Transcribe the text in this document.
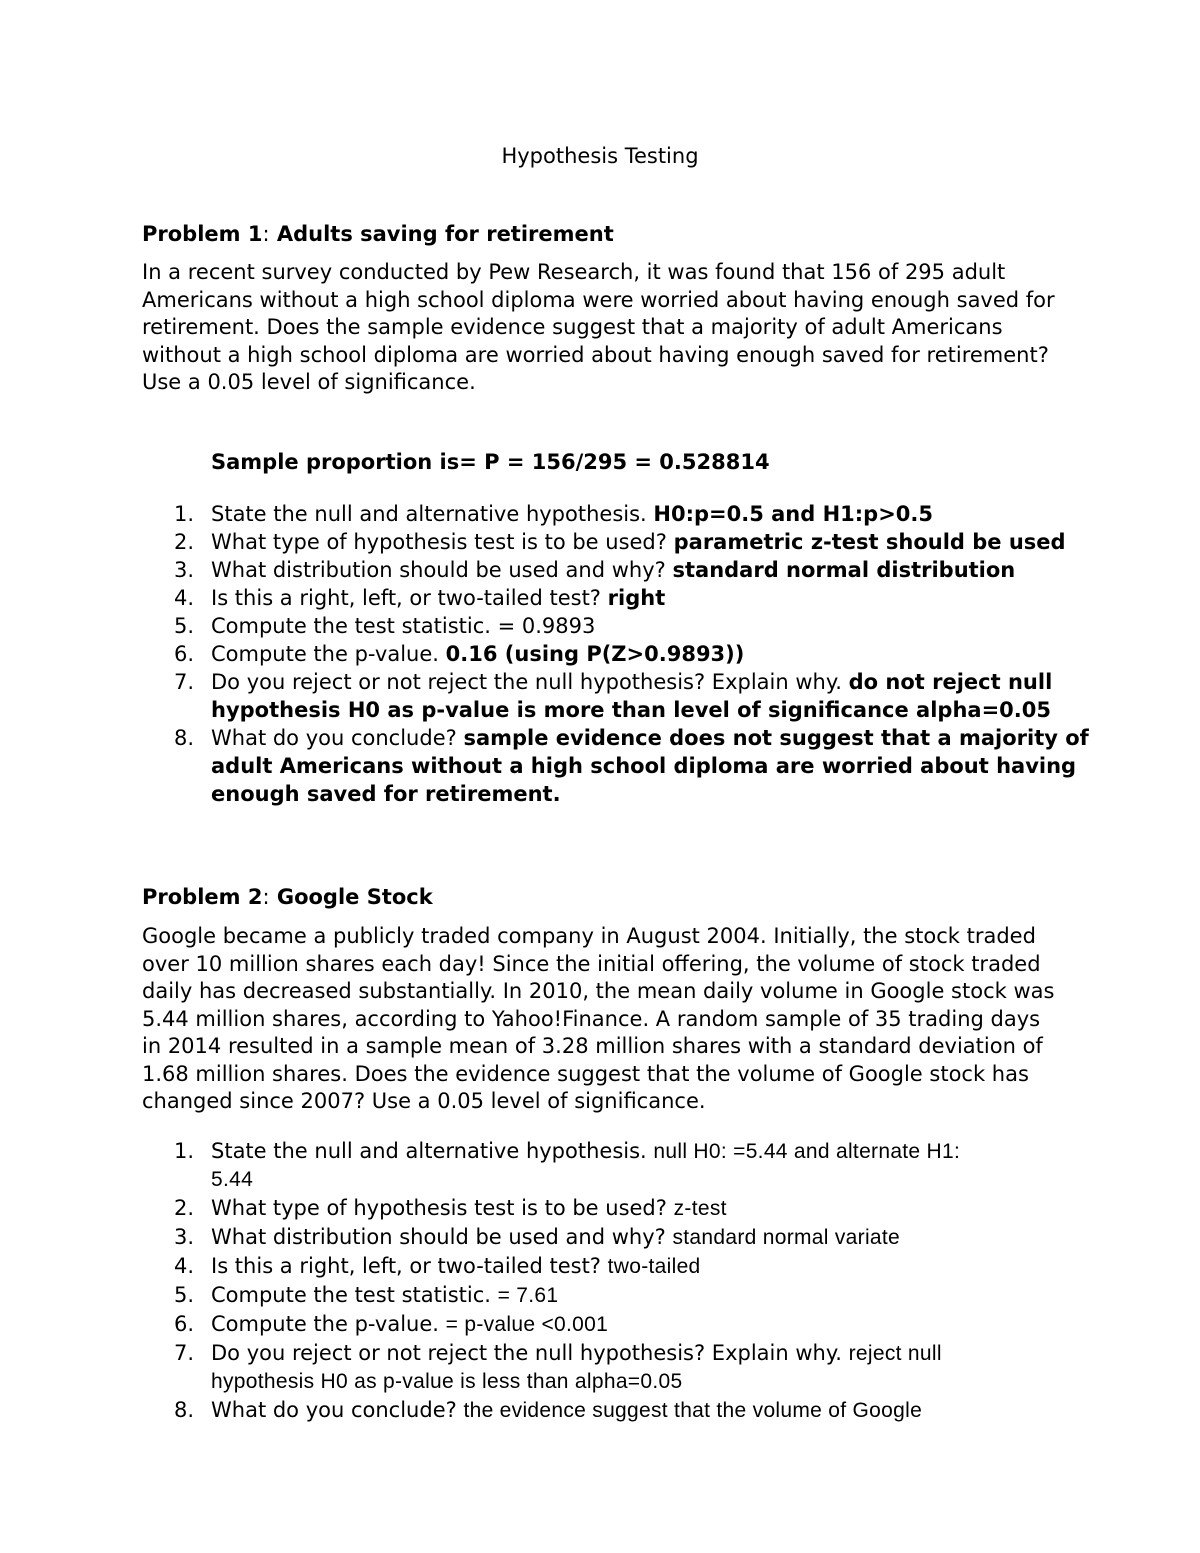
Hypothesis Testing
Problem 1: Adults saving for retirement
In a recent survey conducted by Pew Research, it was found that 156 of 295 adult
Americans without a high school diploma were worried about having enough saved for
retirement. Does the sample evidence suggest that a majority of adult Americans
without a high school diploma are worried about having enough saved for retirement?
Use a 0.05 level of significance.
Sample proportion is= P = 156/295 = 0.528814
1. State the null and alternative hypothesis. H0:p=0.5 and H1:p>0.5
2. What type of hypothesis test is to be used? parametric z-test should be used
3. What distribution should be used and why? standard normal distribution
4. Is this a right, left, or two-tailed test? right
5. Compute the test statistic. = 0.9893
6. Compute the p-value. 0.16 (using P(Z>0.9893))
7. Do you reject or not reject the null hypothesis? Explain why. do not reject null
hypothesis H0 as p-value is more than level of significance alpha=0.05
8. What do you conclude? sample evidence does not suggest that a majority of
adult Americans without a high school diploma are worried about having
enough saved for retirement.
Problem 2: Google Stock
Google became a publicly traded company in August 2004. Initially, the stock traded
over 10 million shares each day! Since the initial offering, the volume of stock traded
daily has decreased substantially. In 2010, the mean daily volume in Google stock was
5.44 million shares, according to Yahoo!Finance. A random sample of 35 trading days
in 2014 resulted in a sample mean of 3.28 million shares with a standard deviation of
1.68 million shares. Does the evidence suggest that the volume of Google stock has
changed since 2007? Use a 0.05 level of significance.
1. State the null and alternative hypothesis. null H0: =5.44 and alternate H1:
5.44
2. What type of hypothesis test is to be used? z-test
3. What distribution should be used and why? standard normal variate
4. Is this a right, left, or two-tailed test? two-tailed
5. Compute the test statistic. = 7.61
6. Compute the p-value. = p-value <0.001
7. Do you reject or not reject the null hypothesis? Explain why. reject null
hypothesis H0 as p-value is less than alpha=0.05
8. What do you conclude? the evidence suggest that the volume of Google
